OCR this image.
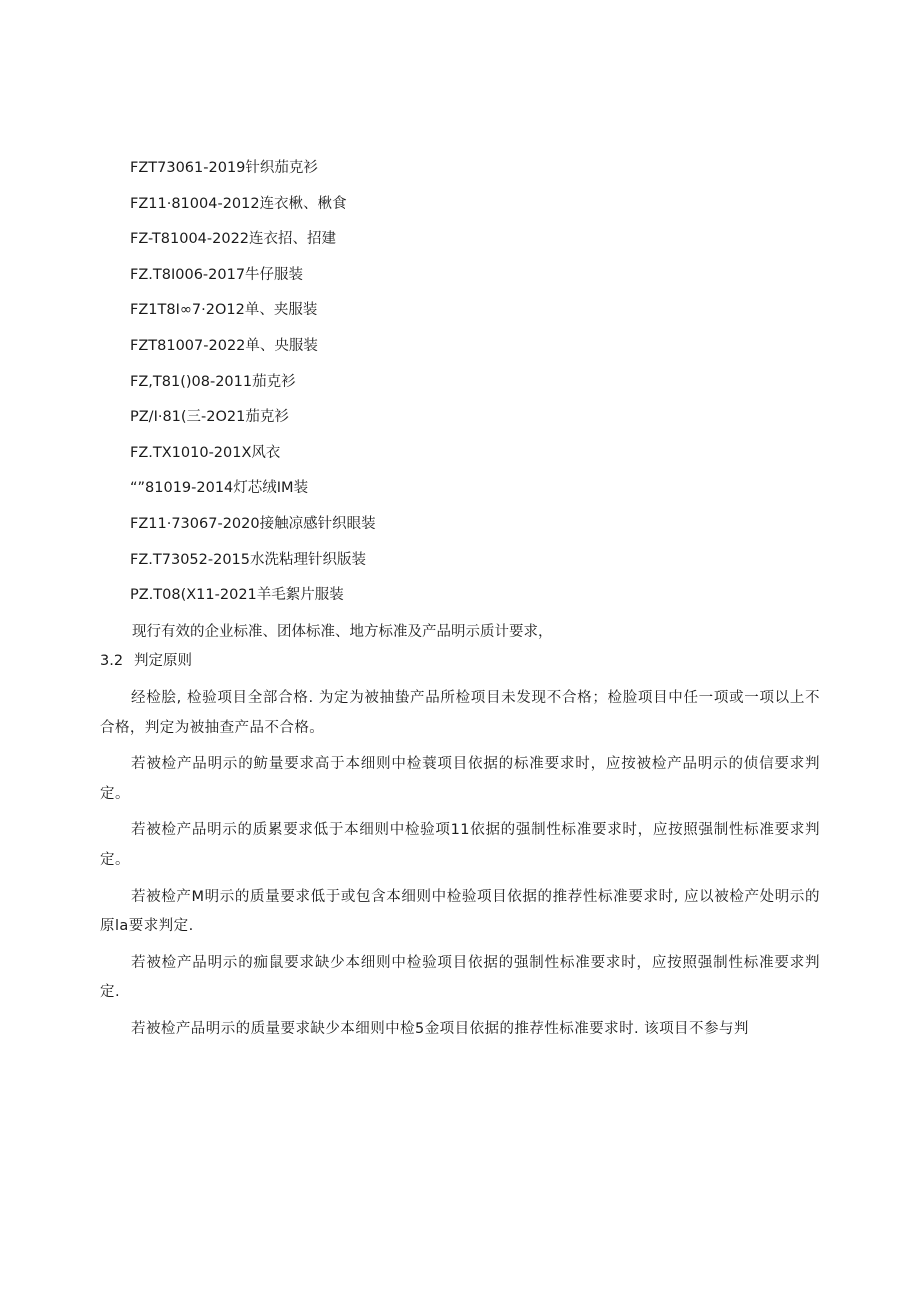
FZT73061-2019针织茄克衫
FZ11·81004-2012连衣楸、楸食
FZ-T81004-2022连衣招、招建
FZ.T8I006-2017牛仔服装
FZ1T8I∞7·2O12单、夹服装
FZT81007-2022单、央服装
FZ,T81()08-2011茄克衫
PZ/I·81(三-2O21茄克衫
FZ.TX1010-201X风衣
“”81019-2014灯芯绒IM装
FZ11·73067-2020接触凉感针织眼装
FZ.T73052-2015水洗粘理针织版装
PZ.T08(X11-2021羊毛絮片服装
现行有效的企业标准、团体标准、地方标准及产品明示质计要求，
3.2 判定原则

经检脍, 检验项目全部合格. 为定为被抽蛰产品所检项目未发现不合格；检脸项目中任一项或一项以上不合格，判定为被抽查产品不合格。

若被检产品明示的鲂量要求高于本细则中检蓑项目依据的标准要求时，应按被检产品明示的侦信要求判定。

若被检产品明示的质累要求低于本细则中检验项11依据的强制性标准要求时，应按照强制性标准要求判定。

若被检产M明示的质量要求低于或包含本细则中检验项目依据的推荐性标准要求时, 应以被检产处明示的原la要求判定.

若被检产品明示的痂鼠要求缺少本细则中检验项目依据的强制性标准要求时，应按照强制性标准要求判定.

若被检产品明示的质量要求缺少本细则中检5金项目依据的推荐性标准要求时. 该项目不参与判
